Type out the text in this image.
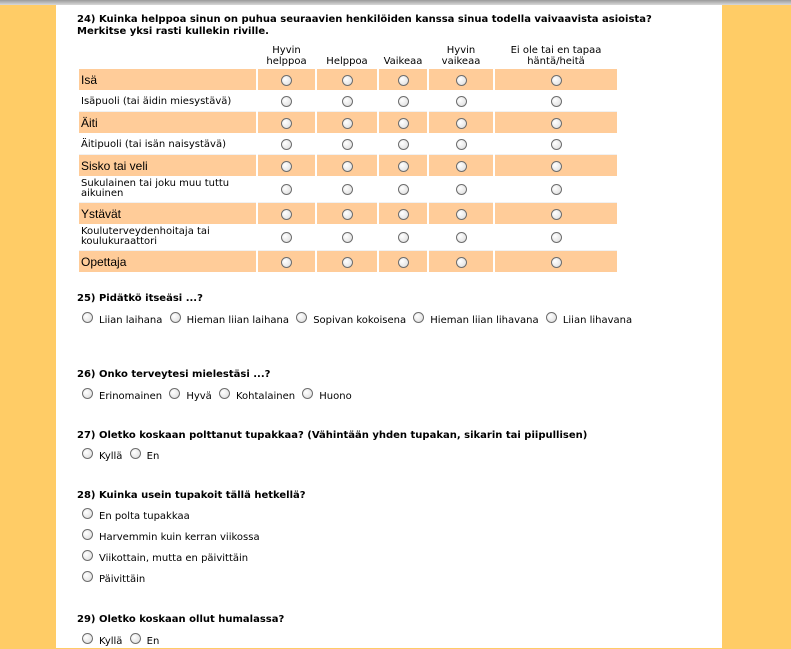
24) Kuinka helppoa sinun on puhua seuraavien henkilöiden kanssa sinua todella vaivaavista asioista?
Merkitse yksi rasti kullekin riville.
	Hyvin
helppoa	Helppoa	Vaikeaa	Hyvin
vaikeaa	Ei ole tai en tapaa
häntä/heitä
Isä					
Isäpuoli (tai äidin miesystävä)					
Äiti					
Äitipuoli (tai isän naisystävä)					
Sisko tai veli					
Sukulainen tai joku muu tuttu
aikuinen					
Ystävät					
Kouluterveydenhoitaja tai
koulukuraattori					
Opettaja					
25) Pidätkö itseäsi ...?
Liian laihana Hieman liian laihana Sopivan kokoisena Hieman liian lihavana Liian lihavana
26) Onko terveytesi mielestäsi ...?
Erinomainen Hyvä Kohtalainen Huono
27) Oletko koskaan polttanut tupakkaa? (Vähintään yhden tupakan, sikarin tai piipullisen)
Kyllä En
28) Kuinka usein tupakoit tällä hetkellä?
En polta tupakkaa
Harvemmin kuin kerran viikossa
Viikottain, mutta en päivittäin
Päivittäin
29) Oletko koskaan ollut humalassa?
Kyllä En
